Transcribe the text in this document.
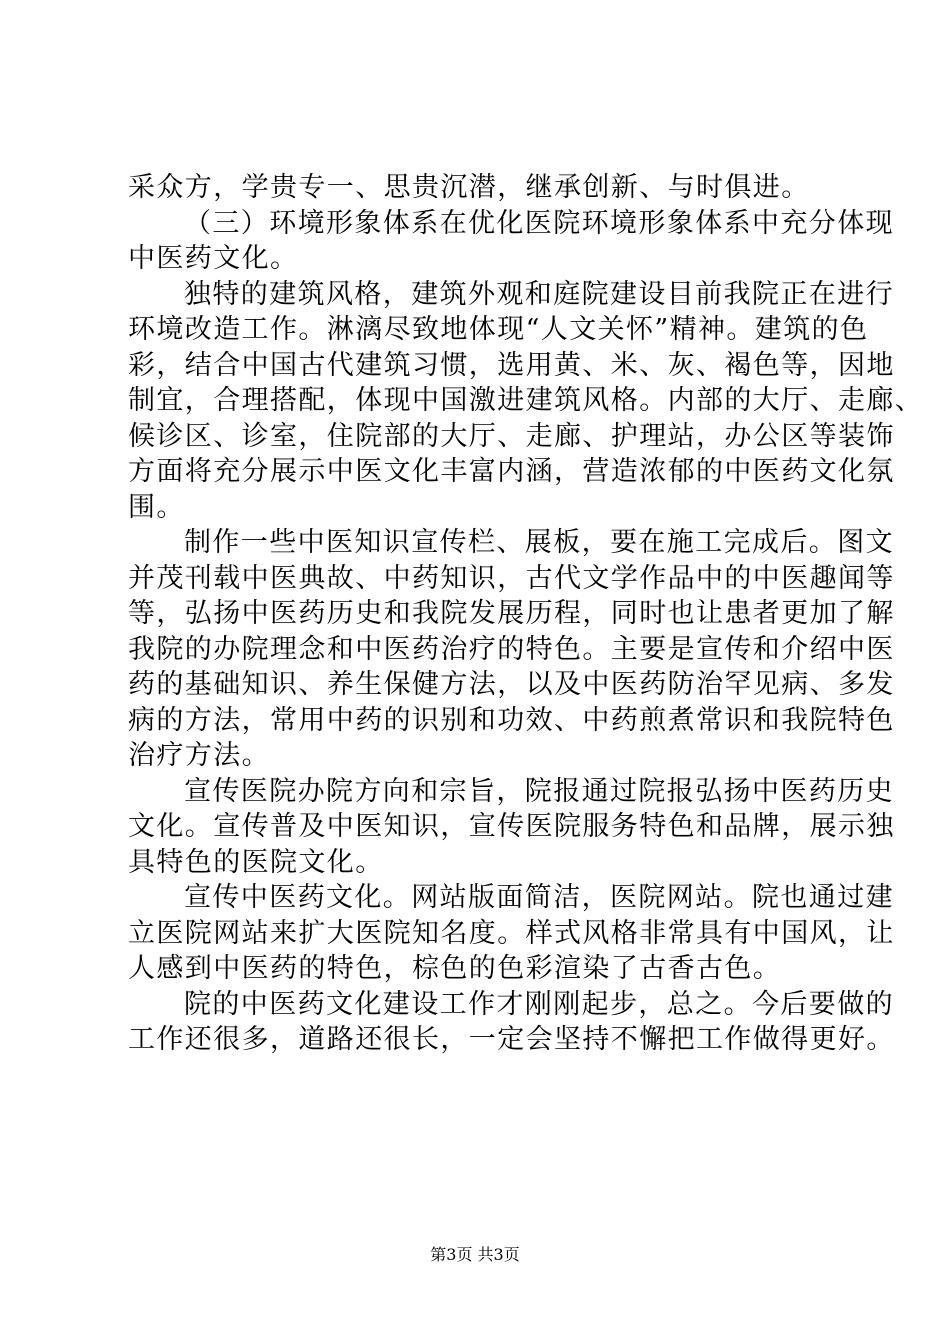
采众方，学贵专一、思贵沉潜，继承创新、与时俱进。
（三）环境形象体系在优化医院环境形象体系中充分体现
中医药文化。
独特的建筑风格，建筑外观和庭院建设目前我院正在进行
环境改造工作。淋漓尽致地体现“人文关怀”精神。建筑的色
彩，结合中国古代建筑习惯，选用黄、米、灰、褐色等，因地
制宜，合理搭配，体现中国激进建筑风格。内部的大厅、走廊、
候诊区、诊室，住院部的大厅、走廊、护理站，办公区等装饰
方面将充分展示中医文化丰富内涵，营造浓郁的中医药文化氛
围。
制作一些中医知识宣传栏、展板，要在施工完成后。图文
并茂刊载中医典故、中药知识，古代文学作品中的中医趣闻等
等，弘扬中医药历史和我院发展历程，同时也让患者更加了解
我院的办院理念和中医药治疗的特色。主要是宣传和介绍中医
药的基础知识、养生保健方法，以及中医药防治罕见病、多发
病的方法，常用中药的识别和功效、中药煎煮常识和我院特色
治疗方法。
宣传医院办院方向和宗旨，院报通过院报弘扬中医药历史
文化。宣传普及中医知识，宣传医院服务特色和品牌，展示独
具特色的医院文化。
宣传中医药文化。网站版面简洁，医院网站。院也通过建
立医院网站来扩大医院知名度。样式风格非常具有中国风，让
人感到中医药的特色，棕色的色彩渲染了古香古色。
院的中医药文化建设工作才刚刚起步，总之。今后要做的
工作还很多，道路还很长，一定会坚持不懈把工作做得更好。
第3页 共3页
